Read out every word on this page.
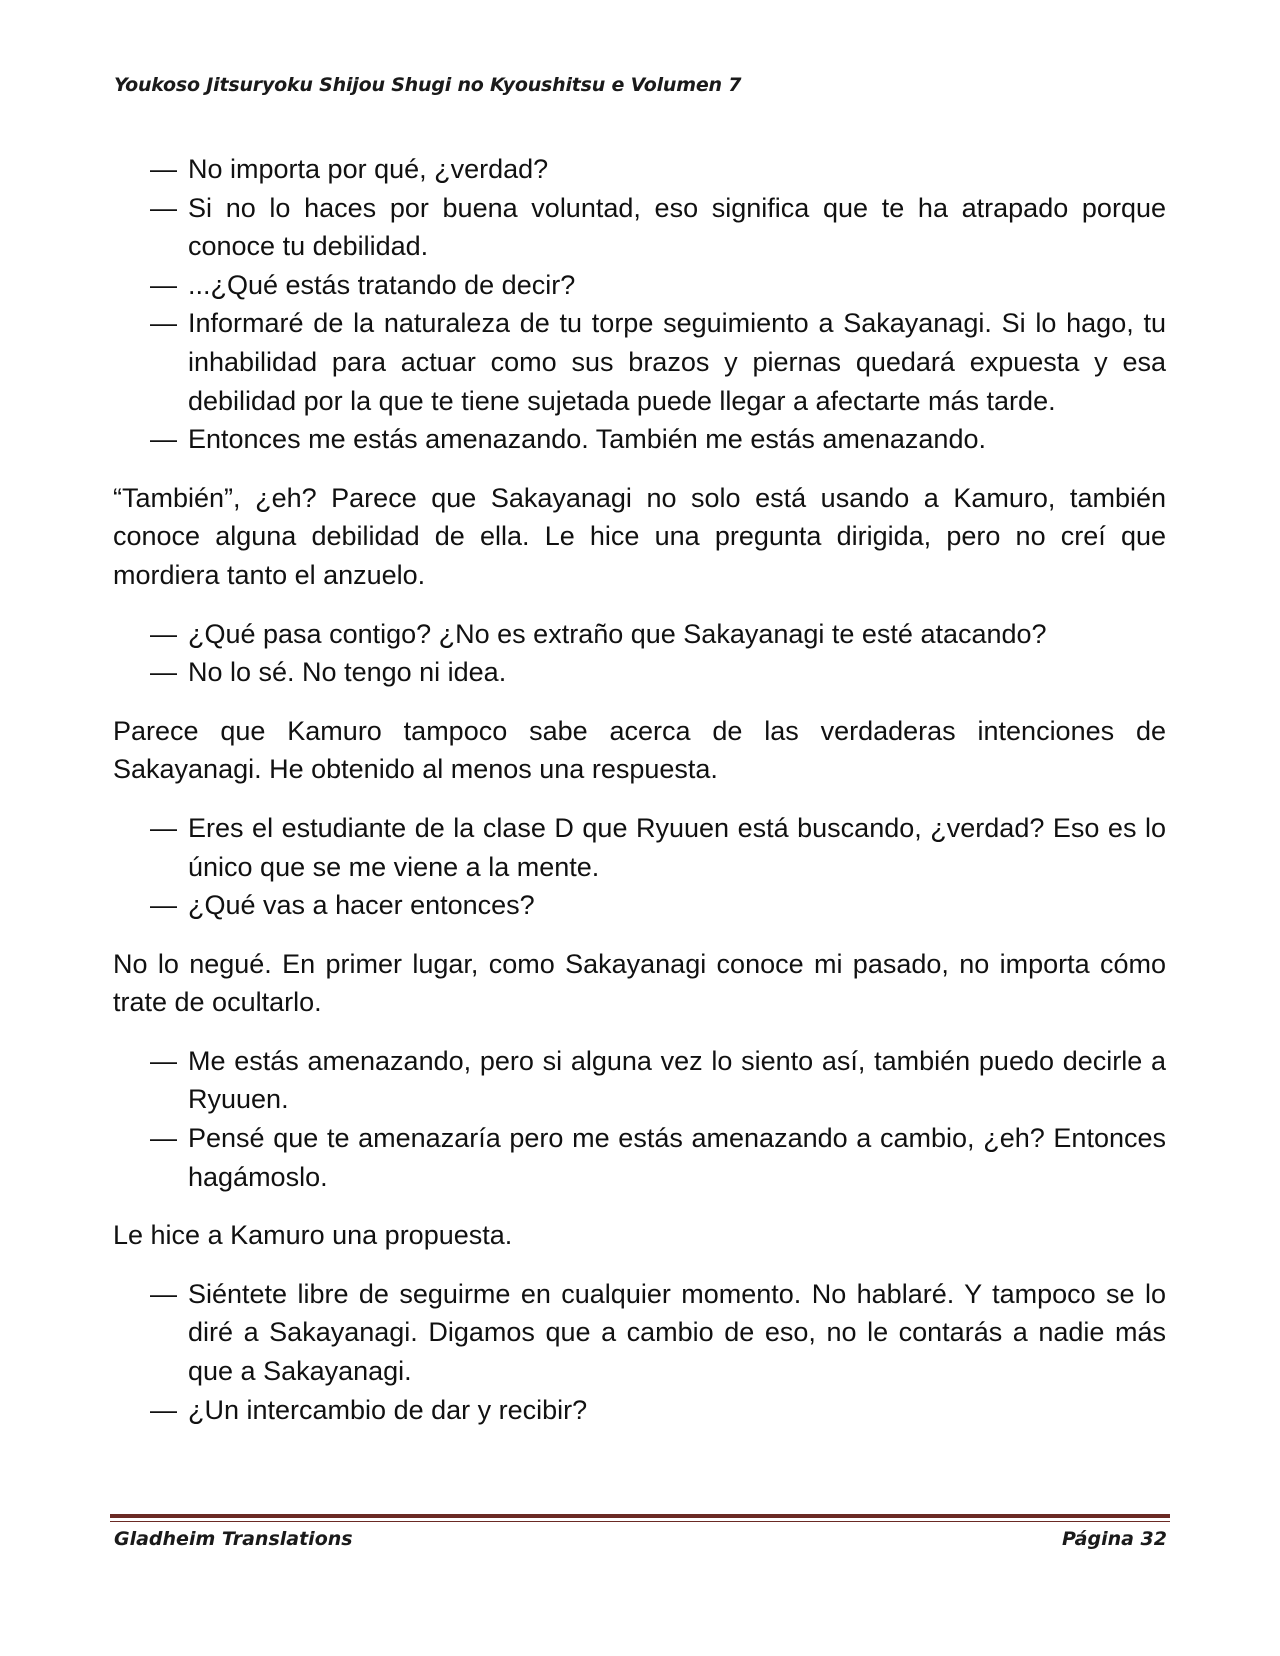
Youkoso Jitsuryoku Shijou Shugi no Kyoushitsu e Volumen 7
— No importa por qué, ¿verdad?
— Si no lo haces por buena voluntad, eso significa que te ha atrapado porque conoce tu debilidad.
— ...¿Qué estás tratando de decir?
— Informaré de la naturaleza de tu torpe seguimiento a Sakayanagi. Si lo hago, tu inhabilidad para actuar como sus brazos y piernas quedará expuesta y esa debilidad por la que te tiene sujetada puede llegar a afectarte más tarde.
— Entonces me estás amenazando. También me estás amenazando.

“También”, ¿eh? Parece que Sakayanagi no solo está usando a Kamuro, también conoce alguna debilidad de ella. Le hice una pregunta dirigida, pero no creí que mordiera tanto el anzuelo.

— ¿Qué pasa contigo? ¿No es extraño que Sakayanagi te esté atacando?
— No lo sé. No tengo ni idea.

Parece que Kamuro tampoco sabe acerca de las verdaderas intenciones de Sakayanagi. He obtenido al menos una respuesta.

— Eres el estudiante de la clase D que Ryuuen está buscando, ¿verdad? Eso es lo único que se me viene a la mente.
— ¿Qué vas a hacer entonces?

No lo negué. En primer lugar, como Sakayanagi conoce mi pasado, no importa cómo trate de ocultarlo.

— Me estás amenazando, pero si alguna vez lo siento así, también puedo decirle a Ryuuen.
— Pensé que te amenazaría pero me estás amenazando a cambio, ¿eh? Entonces hagámoslo.

Le hice a Kamuro una propuesta.

— Siéntete libre de seguirme en cualquier momento. No hablaré. Y tampoco se lo diré a Sakayanagi. Digamos que a cambio de eso, no le contarás a nadie más que a Sakayanagi.
— ¿Un intercambio de dar y recibir?
Gladheim Translations	Página 32
